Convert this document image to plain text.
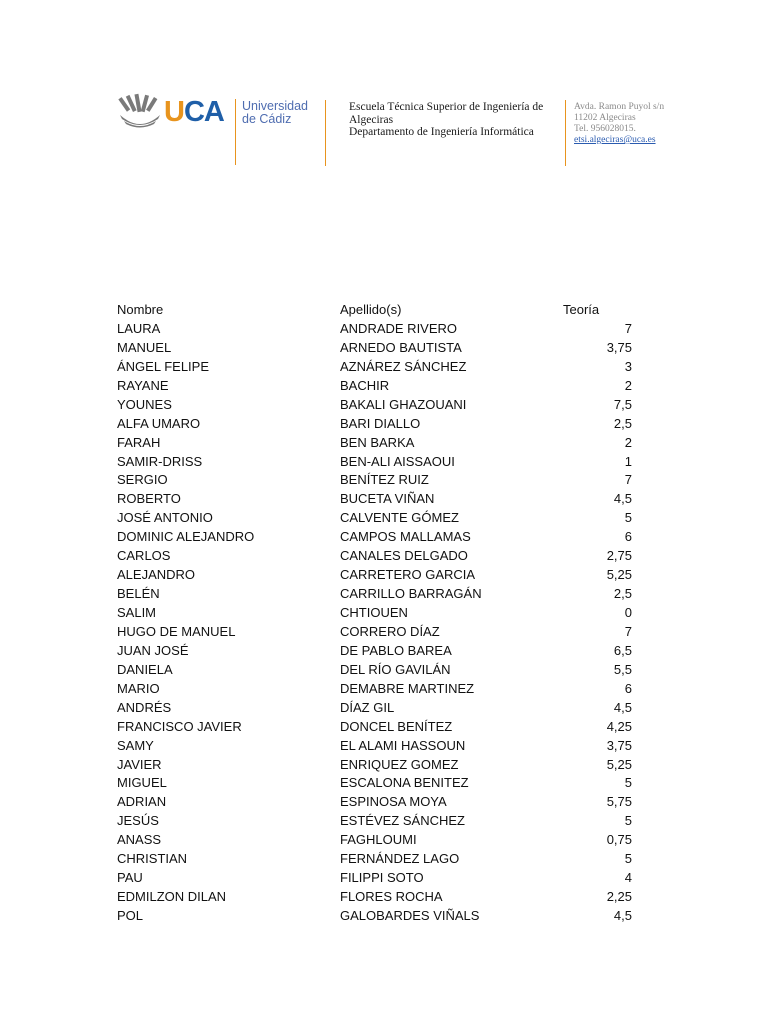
UCA Universidad
de Cádiz
Escuela Técnica Superior de Ingeniería de
Algeciras
Departamento de Ingeniería Informática
Avda. Ramon Puyol s/n
11202 Algeciras
Tel. 956028015.
etsi.algeciras@uca.es
Nombre	Apellido(s)	Teoría
LAURA	ANDRADE RIVERO	7
MANUEL	ARNEDO BAUTISTA	3,75
ÁNGEL FELIPE	AZNÁREZ SÁNCHEZ	3
RAYANE	BACHIR	2
YOUNES	BAKALI GHAZOUANI	7,5
ALFA UMARO	BARI DIALLO	2,5
FARAH	BEN BARKA	2
SAMIR-DRISS	BEN-ALI AISSAOUI	1
SERGIO	BENÍTEZ RUIZ	7
ROBERTO	BUCETA VIÑAN	4,5
JOSÉ ANTONIO	CALVENTE GÓMEZ	5
DOMINIC ALEJANDRO	CAMPOS MALLAMAS	6
CARLOS	CANALES DELGADO	2,75
ALEJANDRO	CARRETERO GARCIA	5,25
BELÉN	CARRILLO BARRAGÁN	2,5
SALIM	CHTIOUEN	0
HUGO DE MANUEL	CORRERO DÍAZ	7
JUAN JOSÉ	DE PABLO BAREA	6,5
DANIELA	DEL RÍO GAVILÁN	5,5
MARIO	DEMABRE MARTINEZ	6
ANDRÉS	DÍAZ GIL	4,5
FRANCISCO JAVIER	DONCEL BENÍTEZ	4,25
SAMY	EL ALAMI HASSOUN	3,75
JAVIER	ENRIQUEZ GOMEZ	5,25
MIGUEL	ESCALONA BENITEZ	5
ADRIAN	ESPINOSA MOYA	5,75
JESÚS	ESTÉVEZ SÁNCHEZ	5
ANASS	FAGHLOUMI	0,75
CHRISTIAN	FERNÁNDEZ LAGO	5
PAU	FILIPPI SOTO	4
EDMILZON DILAN	FLORES ROCHA	2,25
POL	GALOBARDES VIÑALS	4,5
